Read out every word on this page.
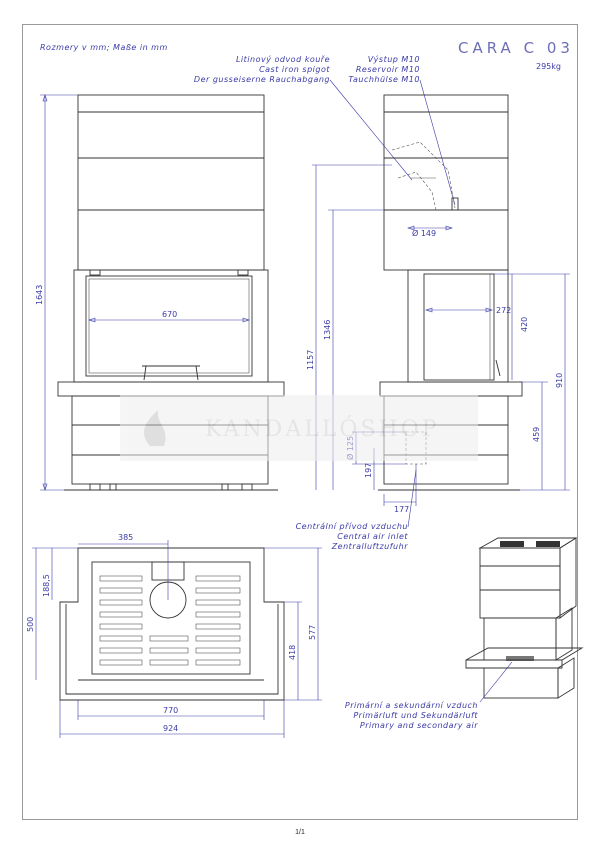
Rozmery v mm; Maße in mm	CARA C 03
295kg
Litinový odvod kouře
Cast iron spigot
Der gusseiserne Rauchabgang
Výstup M10
Reservoir M10
Tauchhülse M10
670
1643
Ø 149
272
1346
1157
420
910
459
197
177
Centrální přívod vzduchu
Central air inlet
Zentralluftzufuhr
KANDALLÓSHOP
385
188,5
500
418
577
770
924
Primární a sekundární vzduch
Primärluft und Sekundärluft
Primary and secondary air
1/1
